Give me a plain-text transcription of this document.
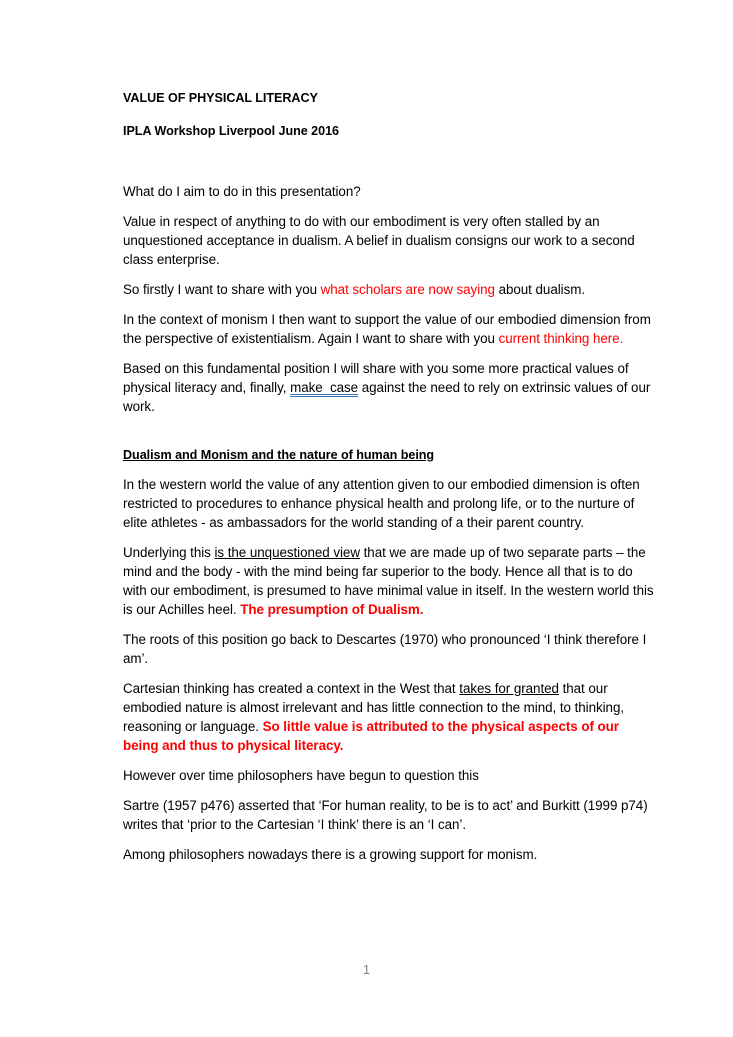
VALUE OF PHYSICAL LITERACY

IPLA Workshop Liverpool June 2016

What do I aim to do in this presentation?

Value in respect of anything to do with our embodiment is very often stalled by an unquestioned acceptance in dualism. A belief in dualism consigns our work to a second class enterprise.

So firstly I want to share with you what scholars are now saying about dualism.

In the context of monism I then want to support the value of our embodied dimension from the perspective of existentialism. Again I want to share with you current thinking here.

Based on this fundamental position I will share with you some more practical values of physical literacy and, finally, make  case against the need to rely on extrinsic values of our work.

Dualism and Monism and the nature of human being

In the western world the value of any attention given to our embodied dimension is often restricted to procedures to enhance physical health and prolong life, or to the nurture of elite athletes - as ambassadors for the world standing of a their parent country.

Underlying this is the unquestioned view that we are made up of two separate parts – the mind and the body - with the mind being far superior to the body. Hence all that is to do with our embodiment, is presumed to have minimal value in itself. In the western world this is our Achilles heel. The presumption of Dualism.

The roots of this position go back to Descartes (1970) who pronounced ‘I think therefore I am’.

Cartesian thinking has created a context in the West that takes for granted that our embodied nature is almost irrelevant and has little connection to the mind, to thinking, reasoning or language. So little value is attributed to the physical aspects of our being and thus to physical literacy.

However over time philosophers have begun to question this

Sartre (1957 p476) asserted that ‘For human reality, to be is to act’ and Burkitt (1999 p74) writes that ‘prior to the Cartesian ‘I think’ there is an ‘I can’.

Among philosophers nowadays there is a growing support for monism.

1
